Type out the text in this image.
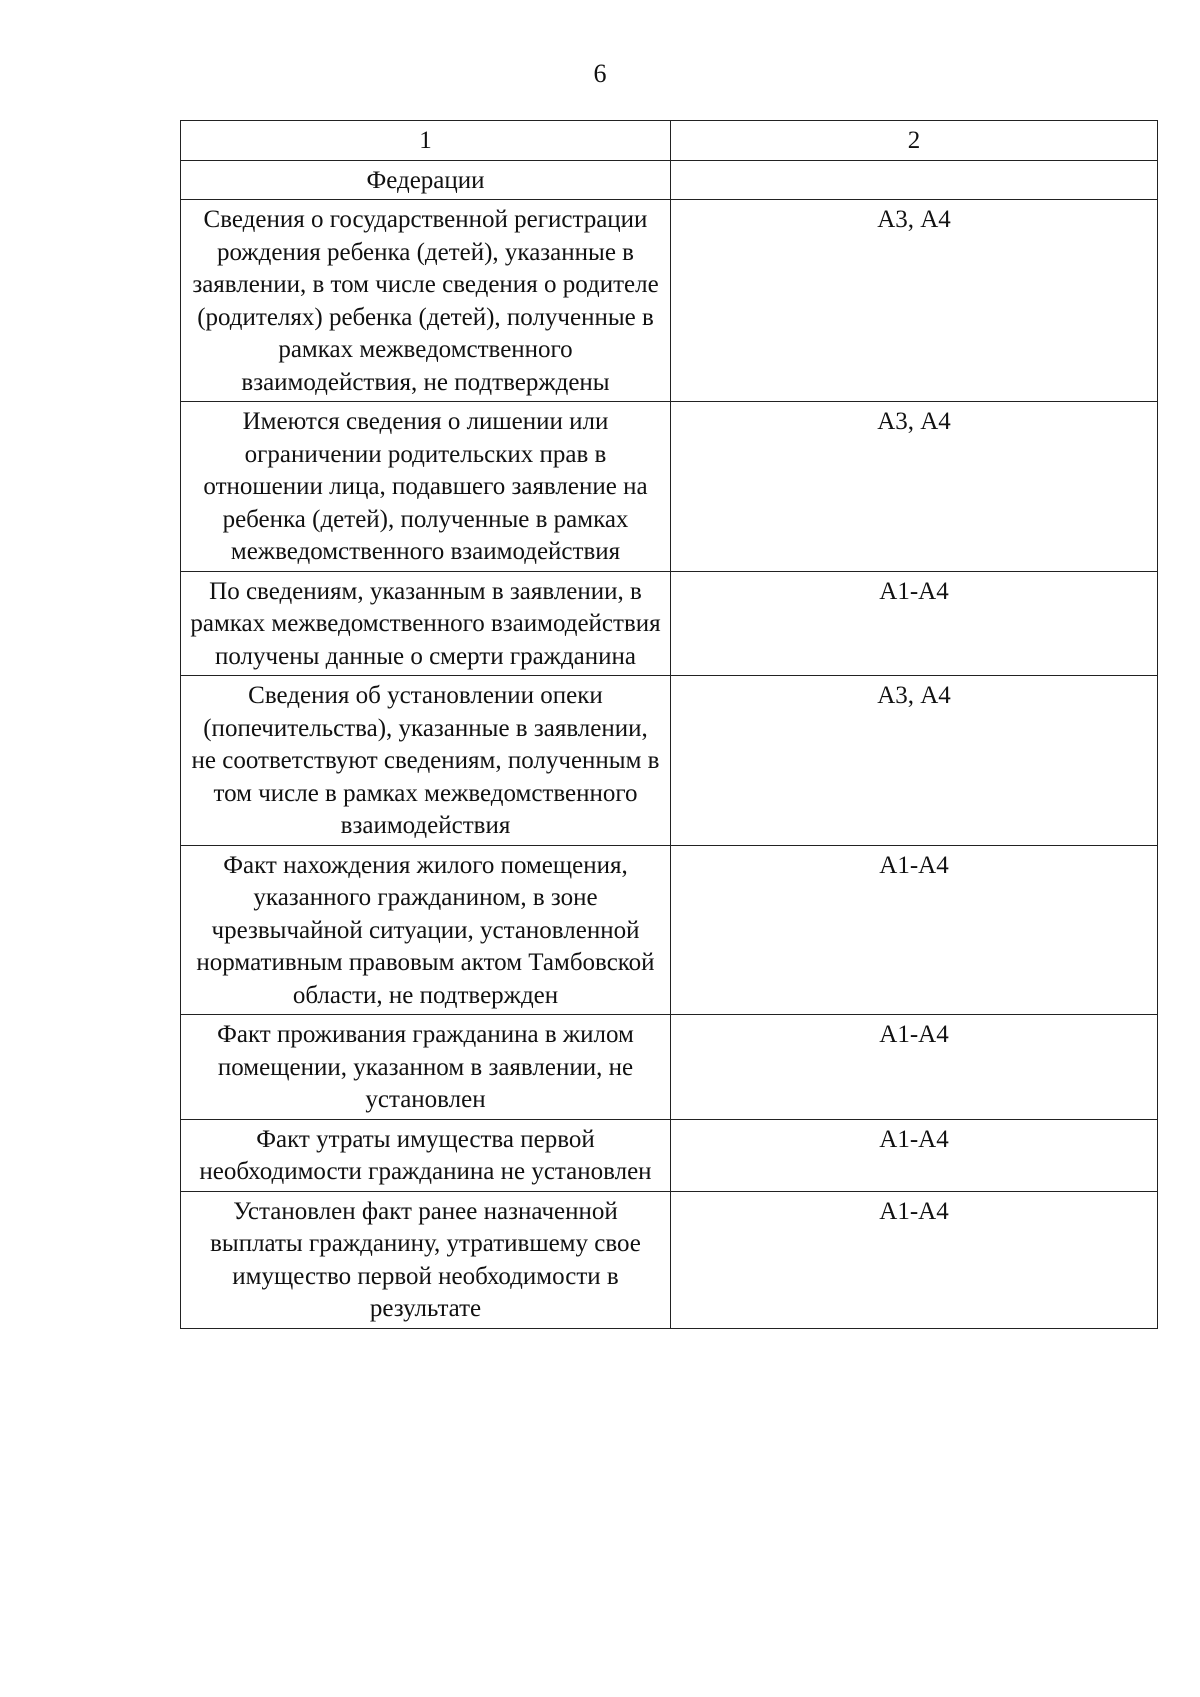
6
1	2
Федерации	
Сведения о государственной регистрации рождения ребенка (детей), указанные в заявлении, в том числе сведения о родителе (родителях) ребенка (детей), полученные в рамках межведомственного взаимодействия, не подтверждены	А3, А4
Имеются сведения о лишении или ограничении родительских прав в отношении лица, подавшего заявление на ребенка (детей), полученные в рамках межведомственного взаимодействия	А3, А4
По сведениям, указанным в заявлении, в рамках межведомственного взаимодействия получены данные о смерти гражданина	А1-А4
Сведения об установлении опеки (попечительства), указанные в заявлении, не соответствуют сведениям, полученным в том числе в рамках межведомственного взаимодействия	А3, А4
Факт нахождения жилого помещения, указанного гражданином, в зоне чрезвычайной ситуации, установленной нормативным правовым актом Тамбовской области, не подтвержден	А1-А4
Факт проживания гражданина в жилом помещении, указанном в заявлении, не установлен	А1-А4
Факт утраты имущества первой необходимости гражданина не установлен	А1-А4
Установлен факт ранее назначенной выплаты гражданину, утратившему свое имущество первой необходимости в результате	А1-А4
